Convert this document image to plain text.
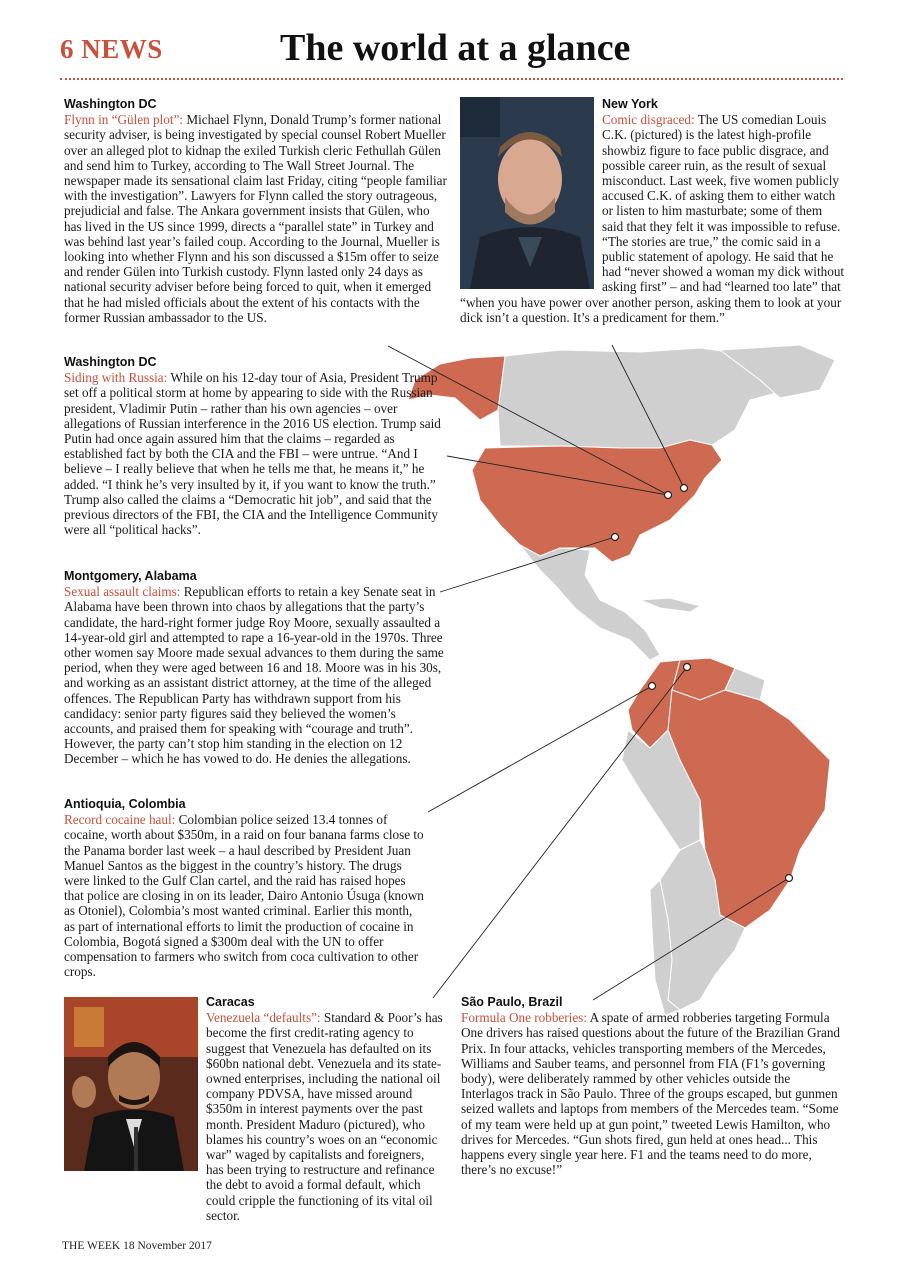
6 NEWS	The world at a glance
Washington DC
Flynn in “Gülen plot”: Michael Flynn, Donald Trump’s former national security adviser, is being investigated by special counsel Robert Mueller over an alleged plot to kidnap the exiled Turkish cleric Fethullah Gülen and send him to Turkey, according to The Wall Street Journal. The newspaper made its sensational claim last Friday, citing “people familiar with the investigation”. Lawyers for Flynn called the story outrageous, prejudicial and false. The Ankara government insists that Gülen, who has lived in the US since 1999, directs a “parallel state” in Turkey and was behind last year’s failed coup. According to the Journal, Mueller is looking into whether Flynn and his son discussed a $15m offer to seize and render Gülen into Turkish custody. Flynn lasted only 24 days as national security adviser before being forced to quit, when it emerged that he had misled officials about the extent of his contacts with the former Russian ambassador to the US.
Washington DC
Siding with Russia: While on his 12-day tour of Asia, President Trump set off a political storm at home by appearing to side with the Russian president, Vladimir Putin – rather than his own agencies – over allegations of Russian interference in the 2016 US election. Trump said Putin had once again assured him that the claims – regarded as established fact by both the CIA and the FBI – were untrue. “And I believe – I really believe that when he tells me that, he means it,” he added. “I think he’s very insulted by it, if you want to know the truth.” Trump also called the claims a “Democratic hit job”, and said that the previous directors of the FBI, the CIA and the Intelligence Community were all “political hacks”.
Montgomery, Alabama
Sexual assault claims: Republican efforts to retain a key Senate seat in Alabama have been thrown into chaos by allegations that the party’s candidate, the hard-right former judge Roy Moore, sexually assaulted a 14-year-old girl and attempted to rape a 16-year-old in the 1970s. Three other women say Moore made sexual advances to them during the same period, when they were aged between 16 and 18. Moore was in his 30s, and working as an assistant district attorney, at the time of the alleged offences. The Republican Party has withdrawn support from his candidacy: senior party figures said they believed the women’s accounts, and praised them for speaking with “courage and truth”. However, the party can’t stop him standing in the election on 12 December – which he has vowed to do. He denies the allegations.
Antioquia, Colombia
Record cocaine haul: Colombian police seized 13.4 tonnes of cocaine, worth about $350m, in a raid on four banana farms close to the Panama border last week – a haul described by President Juan Manuel Santos as the biggest in the country’s history. The drugs were linked to the Gulf Clan cartel, and the raid has raised hopes that police are closing in on its leader, Dairo Antonio Úsuga (known as Otoniel), Colombia’s most wanted criminal. Earlier this month, as part of international efforts to limit the production of cocaine in Colombia, Bogotá signed a $300m deal with the UN to offer compensation to farmers who switch from coca cultivation to other crops.
Caracas
Venezuela “defaults”: Standard & Poor’s has become the first credit-rating agency to suggest that Venezuela has defaulted on its $60bn national debt. Venezuela and its state-owned enterprises, including the national oil company PDVSA, have missed around $350m in interest payments over the past month. President Maduro (pictured), who blames his country’s woes on an “economic war” waged by capitalists and foreigners, has been trying to restructure and refinance the debt to avoid a formal default, which could cripple the functioning of its vital oil sector.
New York
Comic disgraced: The US comedian Louis C.K. (pictured) is the latest high-profile showbiz figure to face public disgrace, and possible career ruin, as the result of sexual misconduct. Last week, five women publicly accused C.K. of asking them to either watch or listen to him masturbate; some of them said that they felt it was impossible to refuse. “The stories are true,” the comic said in a public statement of apology. He said that he had “never showed a woman my dick without asking first” – and had “learned too late” that “when you have power over another person, asking them to look at your dick isn’t a question. It’s a predicament for them.”
São Paulo, Brazil
Formula One robberies: A spate of armed robberies targeting Formula One drivers has raised questions about the future of the Brazilian Grand Prix. In four attacks, vehicles transporting members of the Mercedes, Williams and Sauber teams, and personnel from FIA (F1’s governing body), were deliberately rammed by other vehicles outside the Interlagos track in São Paulo. Three of the groups escaped, but gunmen seized wallets and laptops from members of the Mercedes team. “Some of my team were held up at gun point,” tweeted Lewis Hamilton, who drives for Mercedes. “Gun shots fired, gun held at ones head... This happens every single year here. F1 and the teams need to do more, there’s no excuse!”
THE WEEK 18 November 2017
